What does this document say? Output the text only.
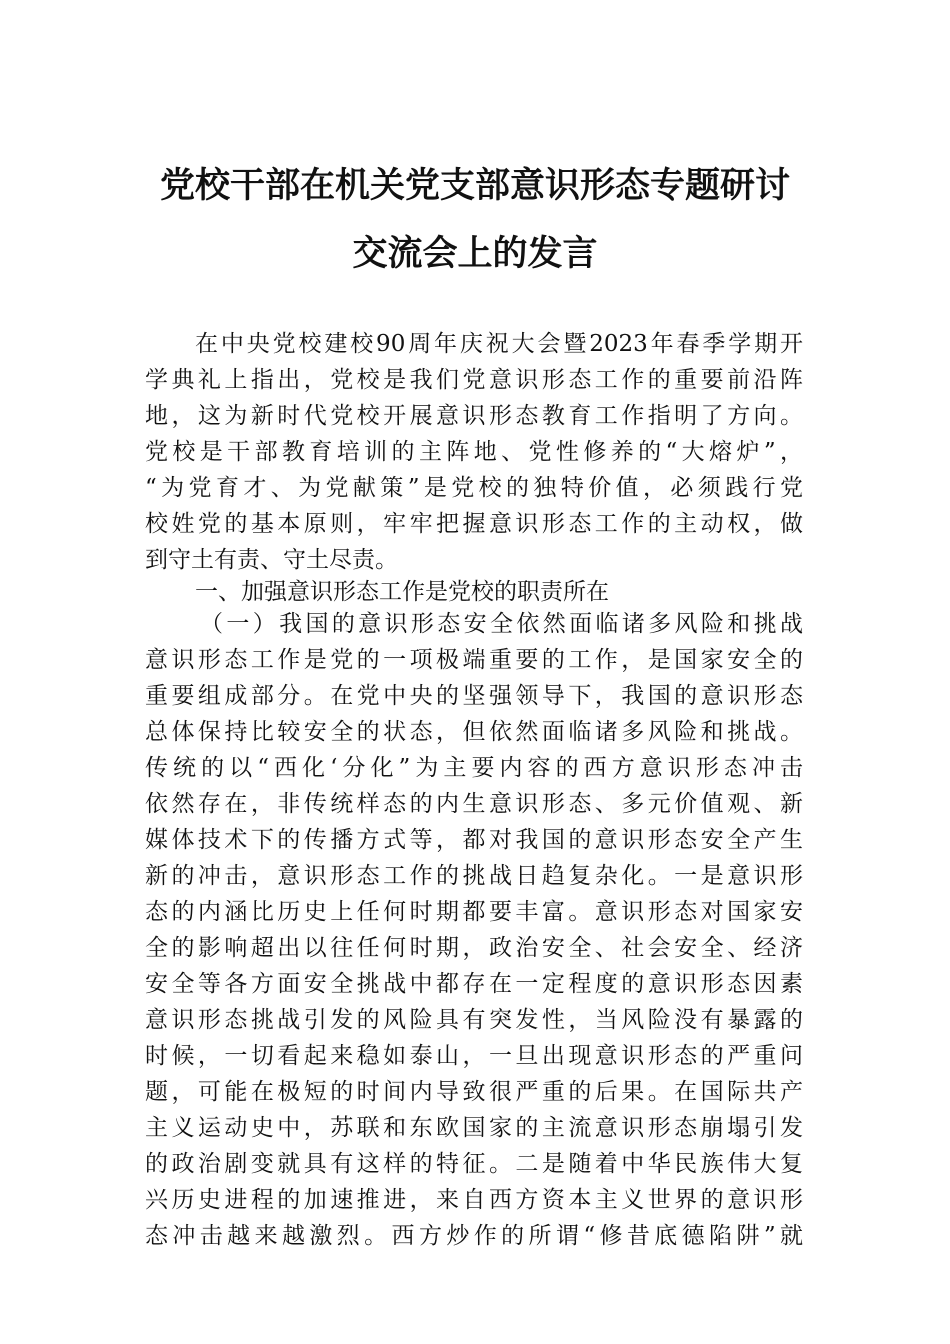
党校干部在机关党支部意识形态专题研讨
交流会上的发言
在中央党校建校90周年庆祝大会暨2023年春季学期开
学典礼上指出，党校是我们党意识形态工作的重要前沿阵
地，这为新时代党校开展意识形态教育工作指明了方向。
党校是干部教育培训的主阵地、党性修养的“大熔炉”，
“为党育才、为党献策”是党校的独特价值，必须践行党
校姓党的基本原则，牢牢把握意识形态工作的主动权，做
到守土有责、守土尽责。
一、加强意识形态工作是党校的职责所在
（一）我国的意识形态安全依然面临诸多风险和挑战
意识形态工作是党的一项极端重要的工作，是国家安全的
重要组成部分。在党中央的坚强领导下，我国的意识形态
总体保持比较安全的状态，但依然面临诸多风险和挑战。
传统的以“西化‘分化”为主要内容的西方意识形态冲击
依然存在，非传统样态的内生意识形态、多元价值观、新
媒体技术下的传播方式等，都对我国的意识形态安全产生
新的冲击，意识形态工作的挑战日趋复杂化。一是意识形
态的内涵比历史上任何时期都要丰富。意识形态对国家安
全的影响超出以往任何时期，政治安全、社会安全、经济
安全等各方面安全挑战中都存在一定程度的意识形态因素
意识形态挑战引发的风险具有突发性，当风险没有暴露的
时候，一切看起来稳如泰山，一旦出现意识形态的严重问
题，可能在极短的时间内导致很严重的后果。在国际共产
主义运动史中，苏联和东欧国家的主流意识形态崩塌引发
的政治剧变就具有这样的特征。二是随着中华民族伟大复
兴历史进程的加速推进，来自西方资本主义世界的意识形
态冲击越来越激烈。西方炒作的所谓“修昔底德陷阱”就
